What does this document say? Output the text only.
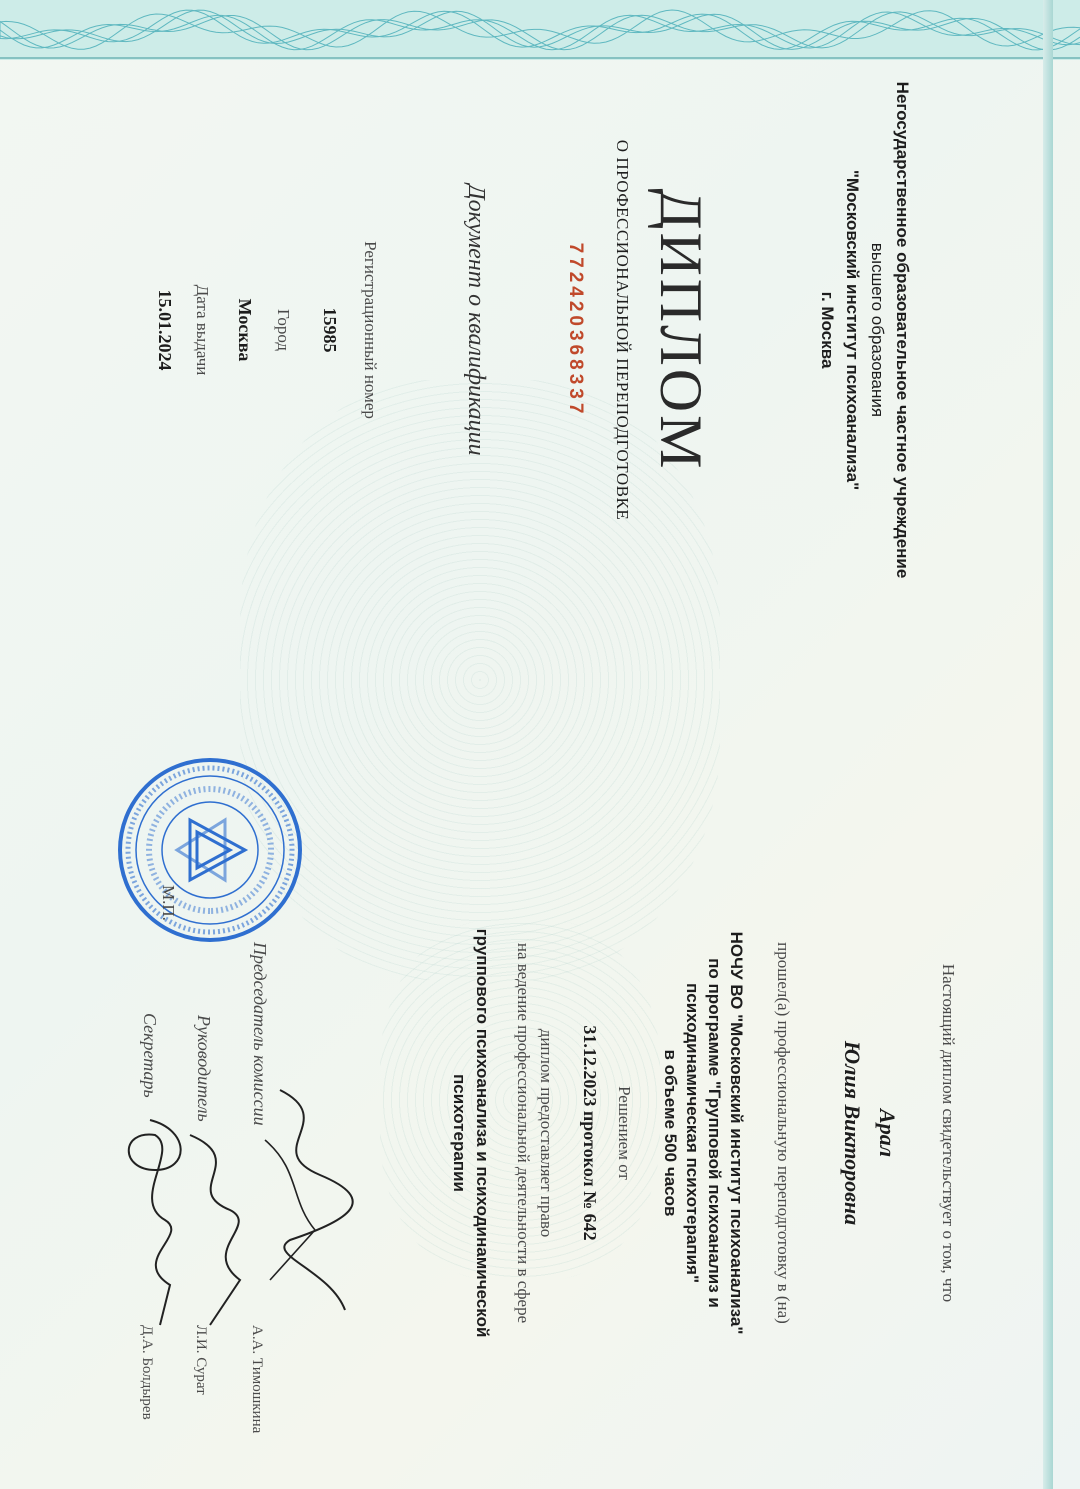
Негосударственное образовательное частное учреждение
высшего образования
"Московский институт психоанализа"
г. Москва
ДИПЛОМ
О ПРОФЕССИОНАЛЬНОЙ ПЕРЕПОДГОТОВКЕ
772420368337
Документ о квалификации
Регистрационный номер
15985
Город
Москва
Дата выдачи
15.01.2024
Настоящий диплом свидетельствует о том, что
Арал
Юлия Викторовна
прошел(а) профессиональную переподготовку в (на)
НОЧУ ВО "Московский институт психоанализа"
по программе "Групповой психоанализ и
психодинамическая психотерапия"
в объеме 500 часов
Решением от
31.12.2023 протокол № 642
диплом предоставляет право
на ведение профессиональной деятельности в сфере
группового психоанализа и психодинамической
психотерапии
Председатель комиссии
А.А. Тимошкина
Руководитель
Л.И. Сурат
Секретарь
Д.А. Болдырев
М.П.
